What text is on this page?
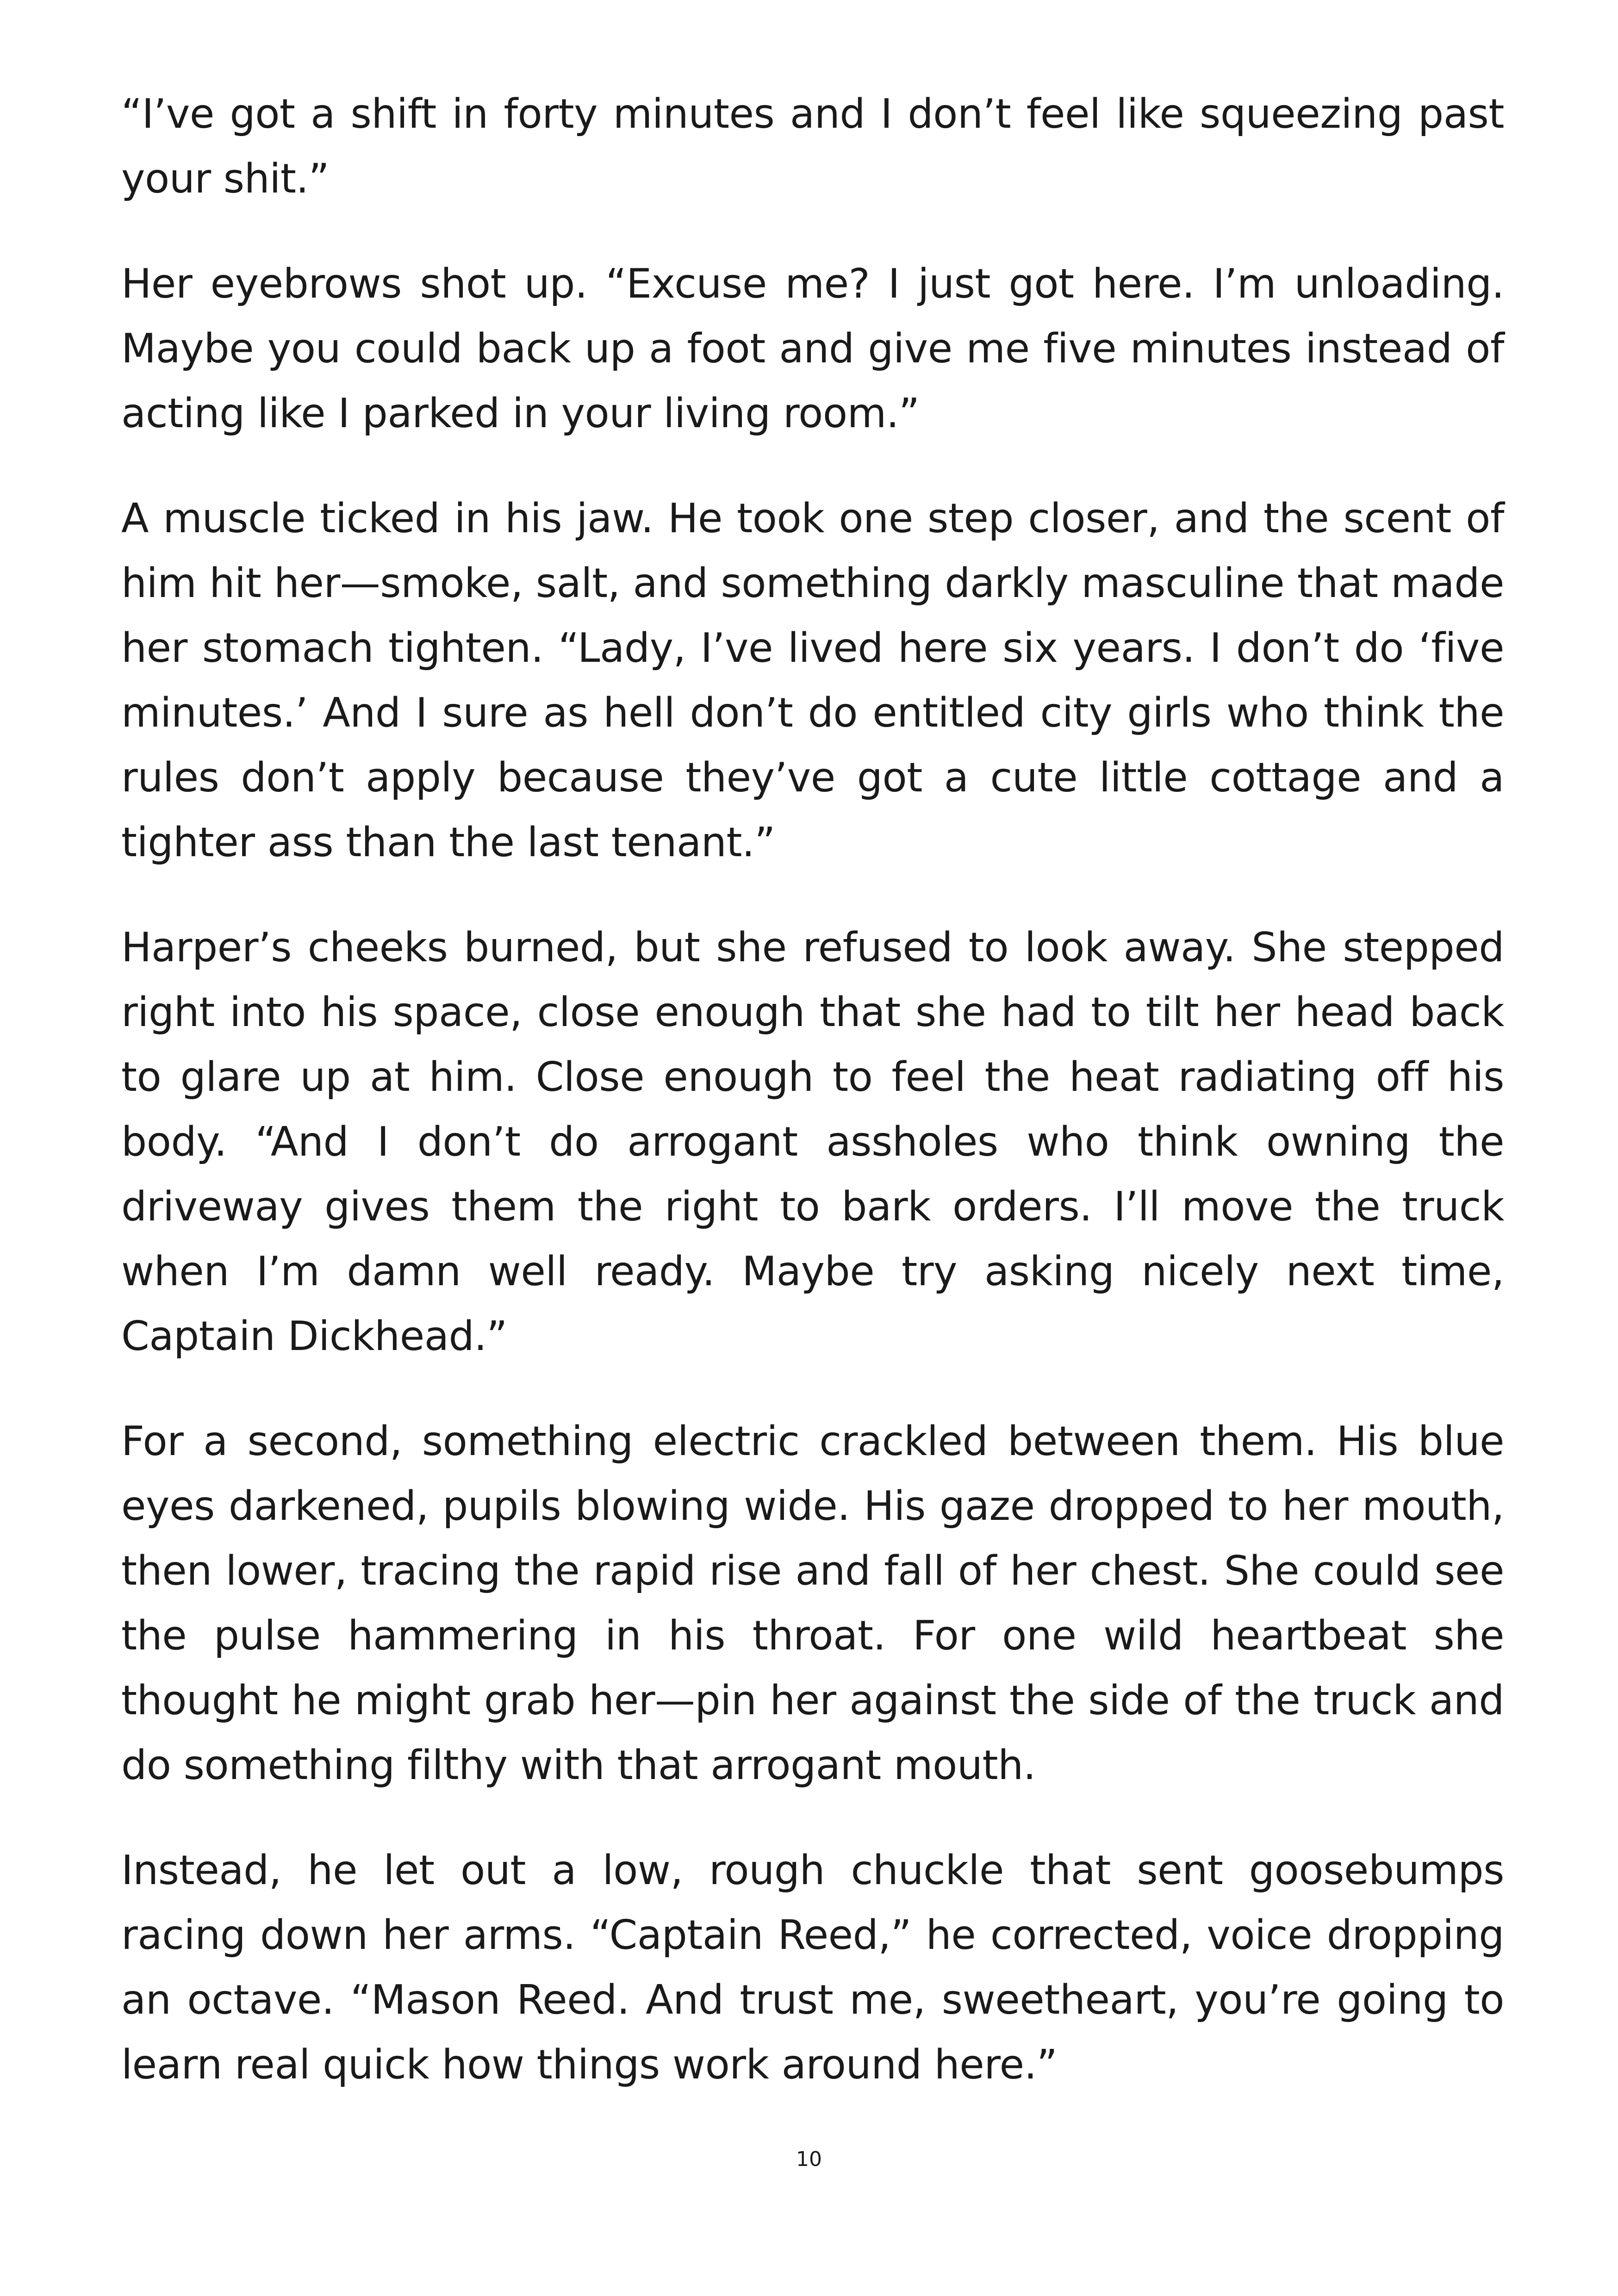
“I’ve got a shift in forty minutes and I don’t feel like squeezing past your shit.”

Her eyebrows shot up. “Excuse me? I just got here. I’m unloading. Maybe you could back up a foot and give me five minutes instead of acting like I parked in your living room.”

A muscle ticked in his jaw. He took one step closer, and the scent of him hit her—smoke, salt, and something darkly masculine that made her stomach tighten. “Lady, I’ve lived here six years. I don’t do ‘five minutes.’ And I sure as hell don’t do entitled city girls who think the rules don’t apply because they’ve got a cute little cottage and a tighter ass than the last tenant.”

Harper’s cheeks burned, but she refused to look away. She stepped right into his space, close enough that she had to tilt her head back to glare up at him. Close enough to feel the heat radiating off his body. “And I don’t do arrogant assholes who think owning the driveway gives them the right to bark orders. I’ll move the truck when I’m damn well ready. Maybe try asking nicely next time, Captain Dickhead.”

For a second, something electric crackled between them. His blue eyes darkened, pupils blowing wide. His gaze dropped to her mouth, then lower, tracing the rapid rise and fall of her chest. She could see the pulse hammering in his throat. For one wild heartbeat she thought he might grab her—pin her against the side of the truck and do something filthy with that arrogant mouth.

Instead, he let out a low, rough chuckle that sent goosebumps racing down her arms. “Captain Reed,” he corrected, voice dropping an octave. “Mason Reed. And trust me, sweetheart, you’re going to learn real quick how things work around here.”

10
